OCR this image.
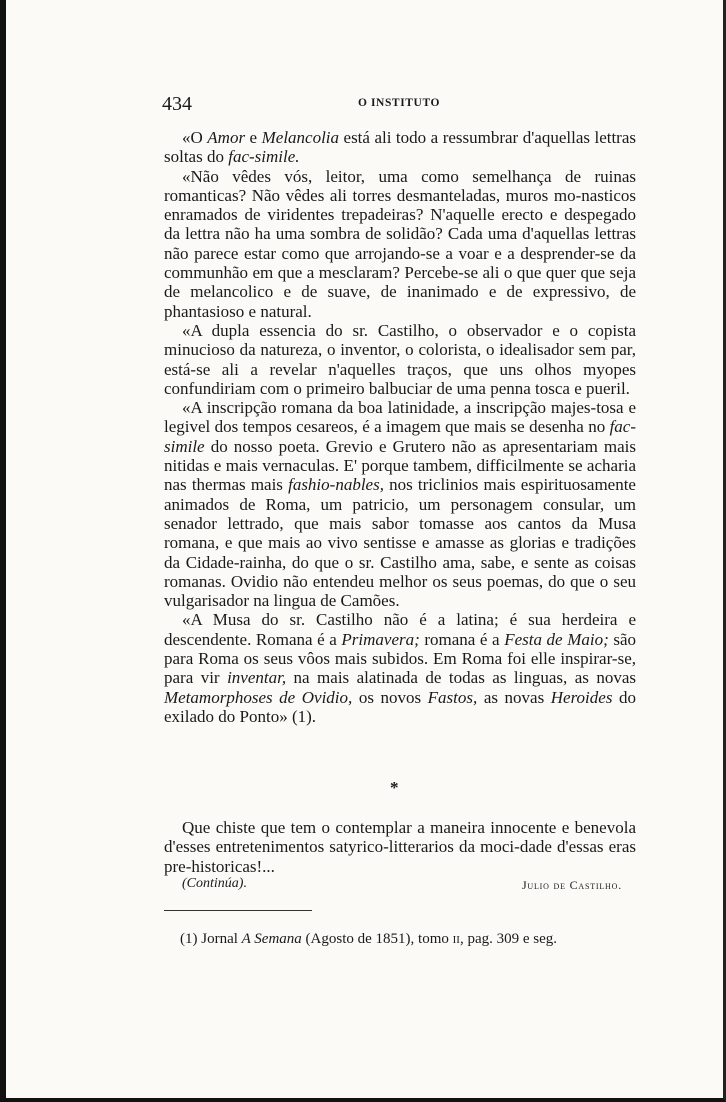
434	O INSTITUTO

«O Amor e Melancolia está ali todo a ressumbrar d'aquellas lettras soltas do fac-simile.

«Não vêdes vós, leitor, uma como semelhança de ruinas romanticas? Não vêdes ali torres desmanteladas, muros mo-nasticos enramados de viridentes trepadeiras? N'aquelle erecto e despegado da lettra não ha uma sombra de solidão? Cada uma d'aquellas lettras não parece estar como que arrojando-se a voar e a desprender-se da communhão em que a mesclaram? Percebe-se ali o que quer que seja de melancolico e de suave, de inanimado e de expressivo, de phantasioso e natural.

«A dupla essencia do sr. Castilho, o observador e o copista minucioso da natureza, o inventor, o colorista, o idealisador sem par, está-se ali a revelar n'aquelles traços, que uns olhos myopes confundiriam com o primeiro balbuciar de uma penna tosca e pueril.

«A inscripção romana da boa latinidade, a inscripção majes-tosa e legivel dos tempos cesareos, é a imagem que mais se desenha no fac-simile do nosso poeta. Grevio e Grutero não as apresentariam mais nitidas e mais vernaculas. E' porque tambem, difficilmente se acharia nas thermas mais fashio-nables, nos triclinios mais espirituosamente animados de Roma, um patricio, um personagem consular, um senador lettrado, que mais sabor tomasse aos cantos da Musa romana, e que mais ao vivo sentisse e amasse as glorias e tradições da Cidade-rainha, do que o sr. Castilho ama, sabe, e sente as coisas romanas. Ovidio não entendeu melhor os seus poemas, do que o seu vulgarisador na lingua de Camões.

«A Musa do sr. Castilho não é a latina; é sua herdeira e descendente. Romana é a Primavera; romana é a Festa de Maio; são para Roma os seus vôos mais subidos. Em Roma foi elle inspirar-se, para vir inventar, na mais alatinada de todas as linguas, as novas Metamorphoses de Ovidio, os novos Fastos, as novas Heroides do exilado do Ponto» (1).

*

Que chiste que tem o contemplar a maneira innocente e benevola d'esses entretenimentos satyrico-litterarios da moci-dade d'essas eras pre-historicas!...

(Continúa).	Julio de Castilho.
(1) Jornal A Semana (Agosto de 1851), tomo ii, pag. 309 e seg.
